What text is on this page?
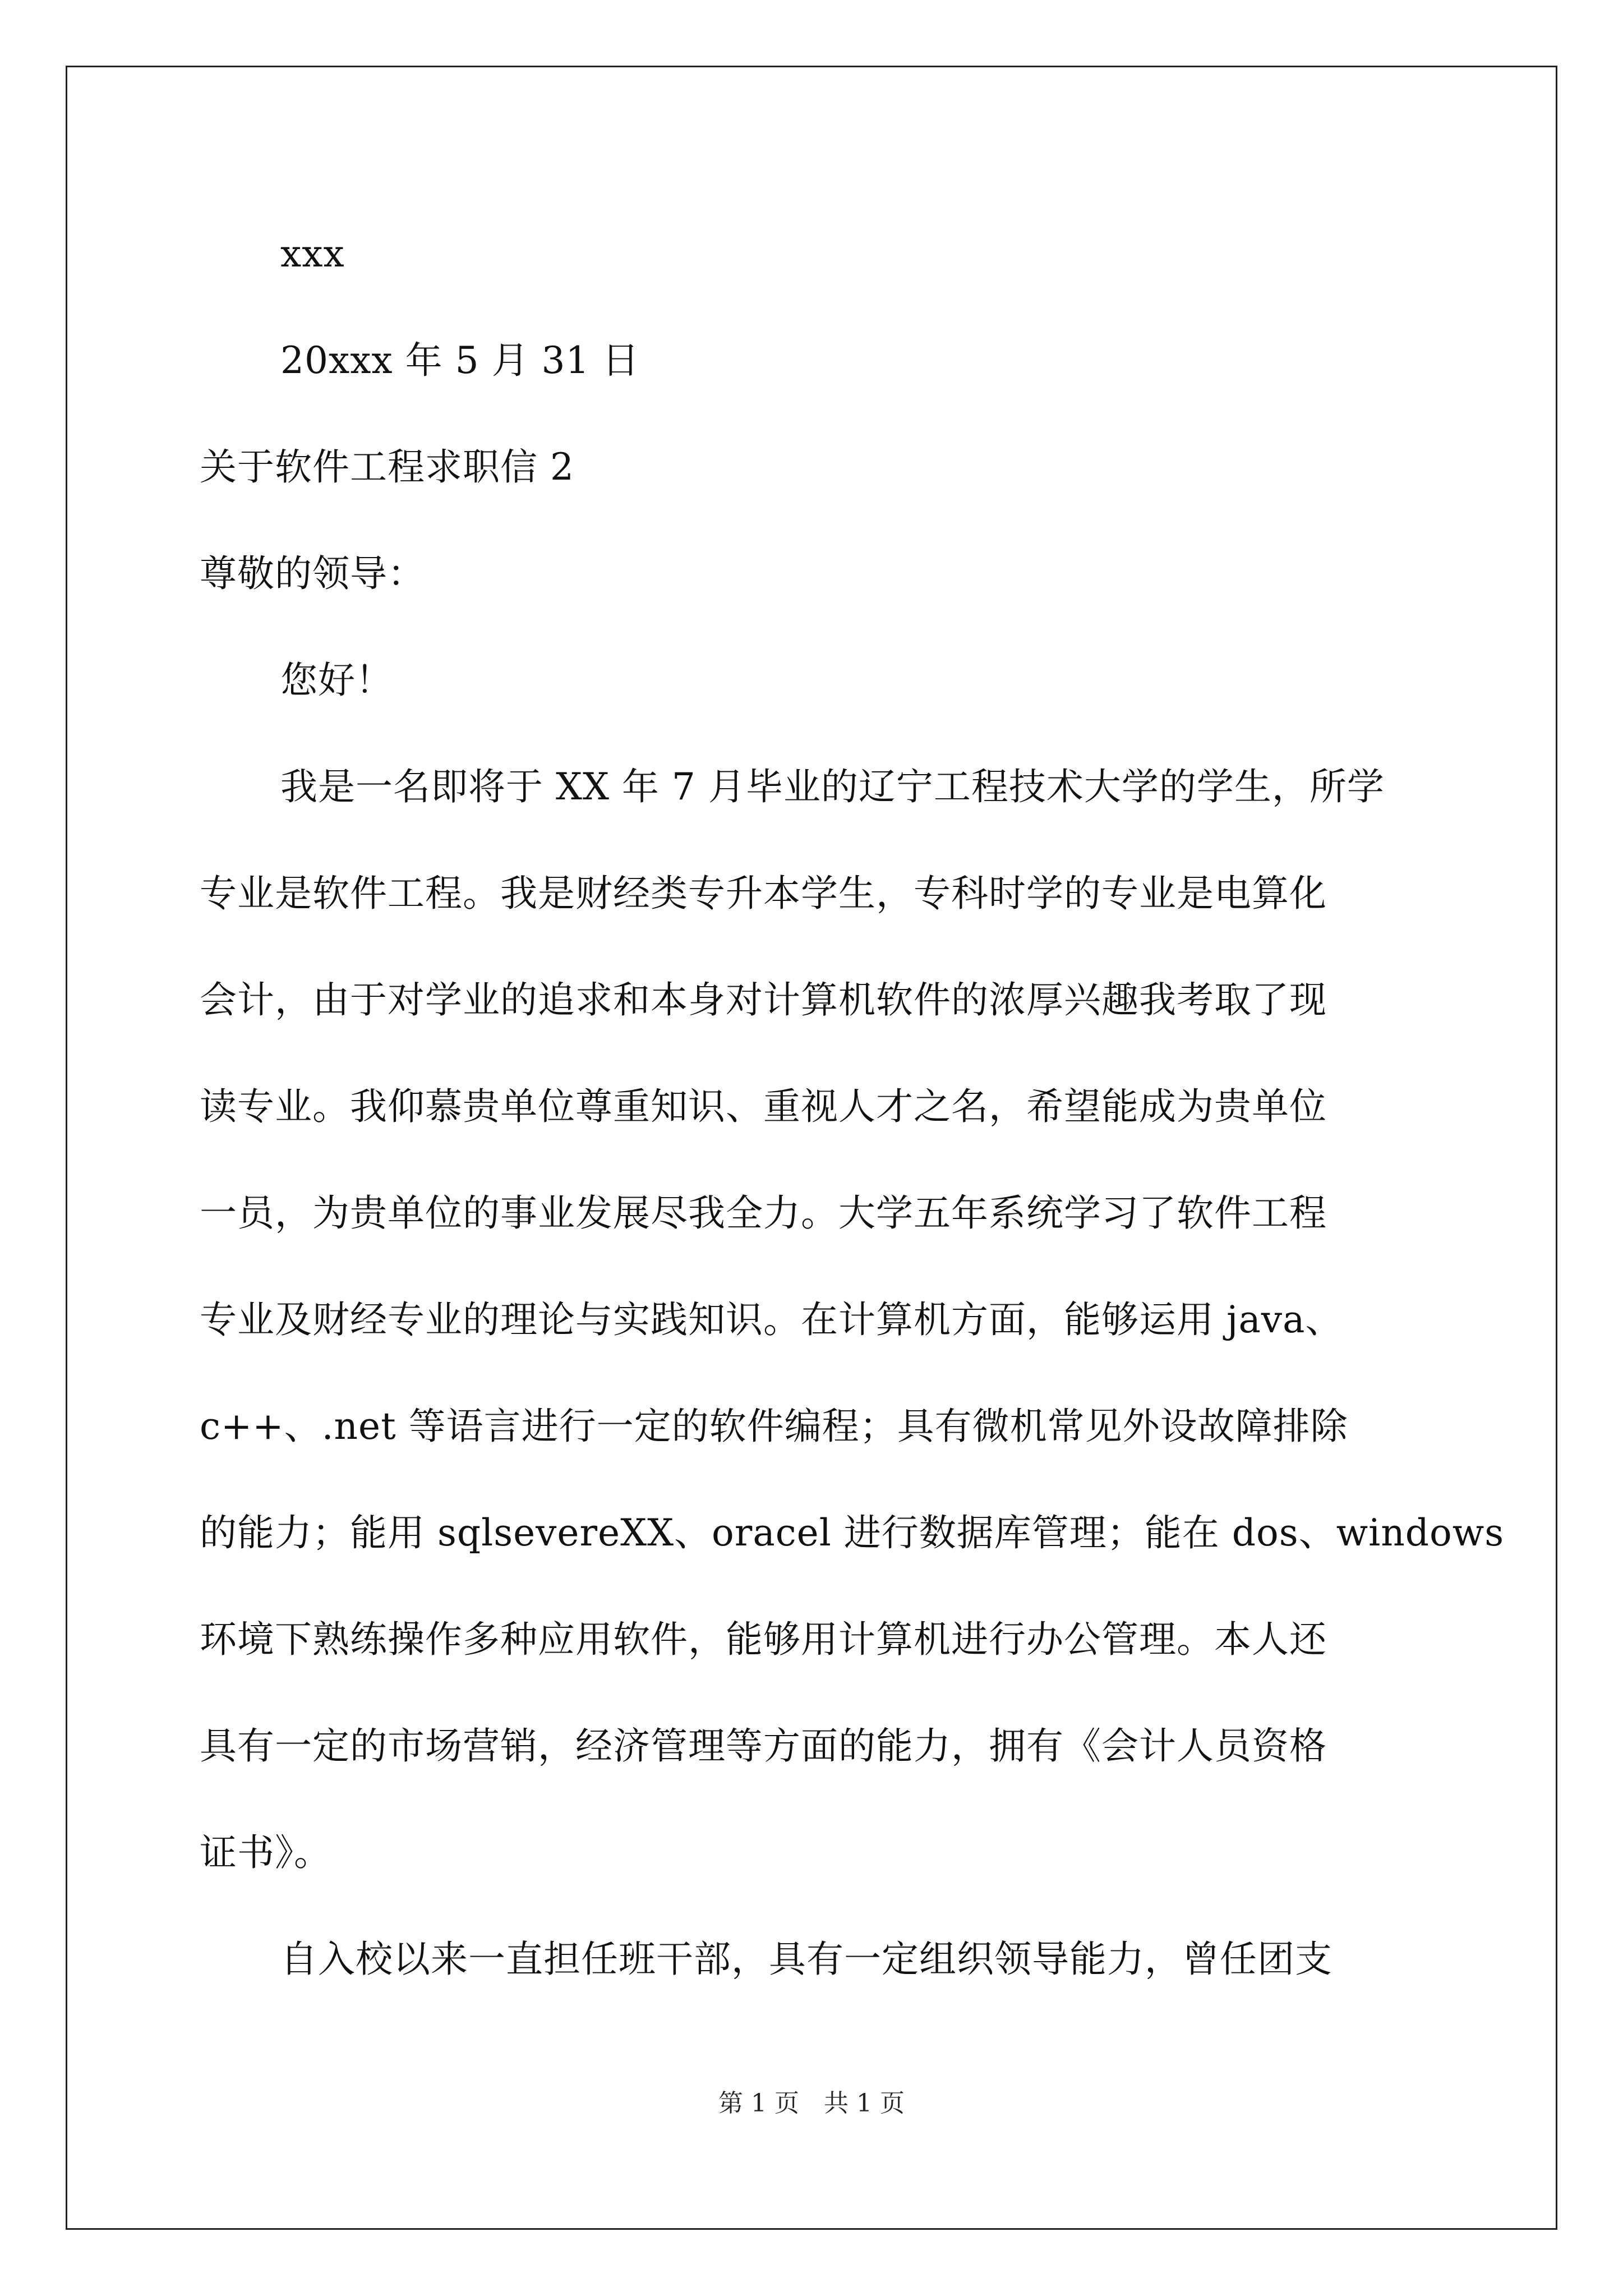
xxx
20xxx 年 5 月 31 日
关于软件工程求职信 2
尊敬的领导：
您好！
我是一名即将于 XX 年 7 月毕业的辽宁工程技术大学的学生，所学
专业是软件工程。我是财经类专升本学生，专科时学的专业是电算化
会计，由于对学业的追求和本身对计算机软件的浓厚兴趣我考取了现
读专业。我仰慕贵单位尊重知识、重视人才之名，希望能成为贵单位
一员，为贵单位的事业发展尽我全力。大学五年系统学习了软件工程
专业及财经专业的理论与实践知识。在计算机方面，能够运用 java、
c++、.net 等语言进行一定的软件编程；具有微机常见外设故障排除
的能力；能用 sqlsevereXX、oracel 进行数据库管理；能在 dos、windows
环境下熟练操作多种应用软件，能够用计算机进行办公管理。本人还
具有一定的市场营销，经济管理等方面的能力，拥有《会计人员资格
证书》。
自入校以来一直担任班干部，具有一定组织领导能力，曾任团支
第 1 页　共 1 页
